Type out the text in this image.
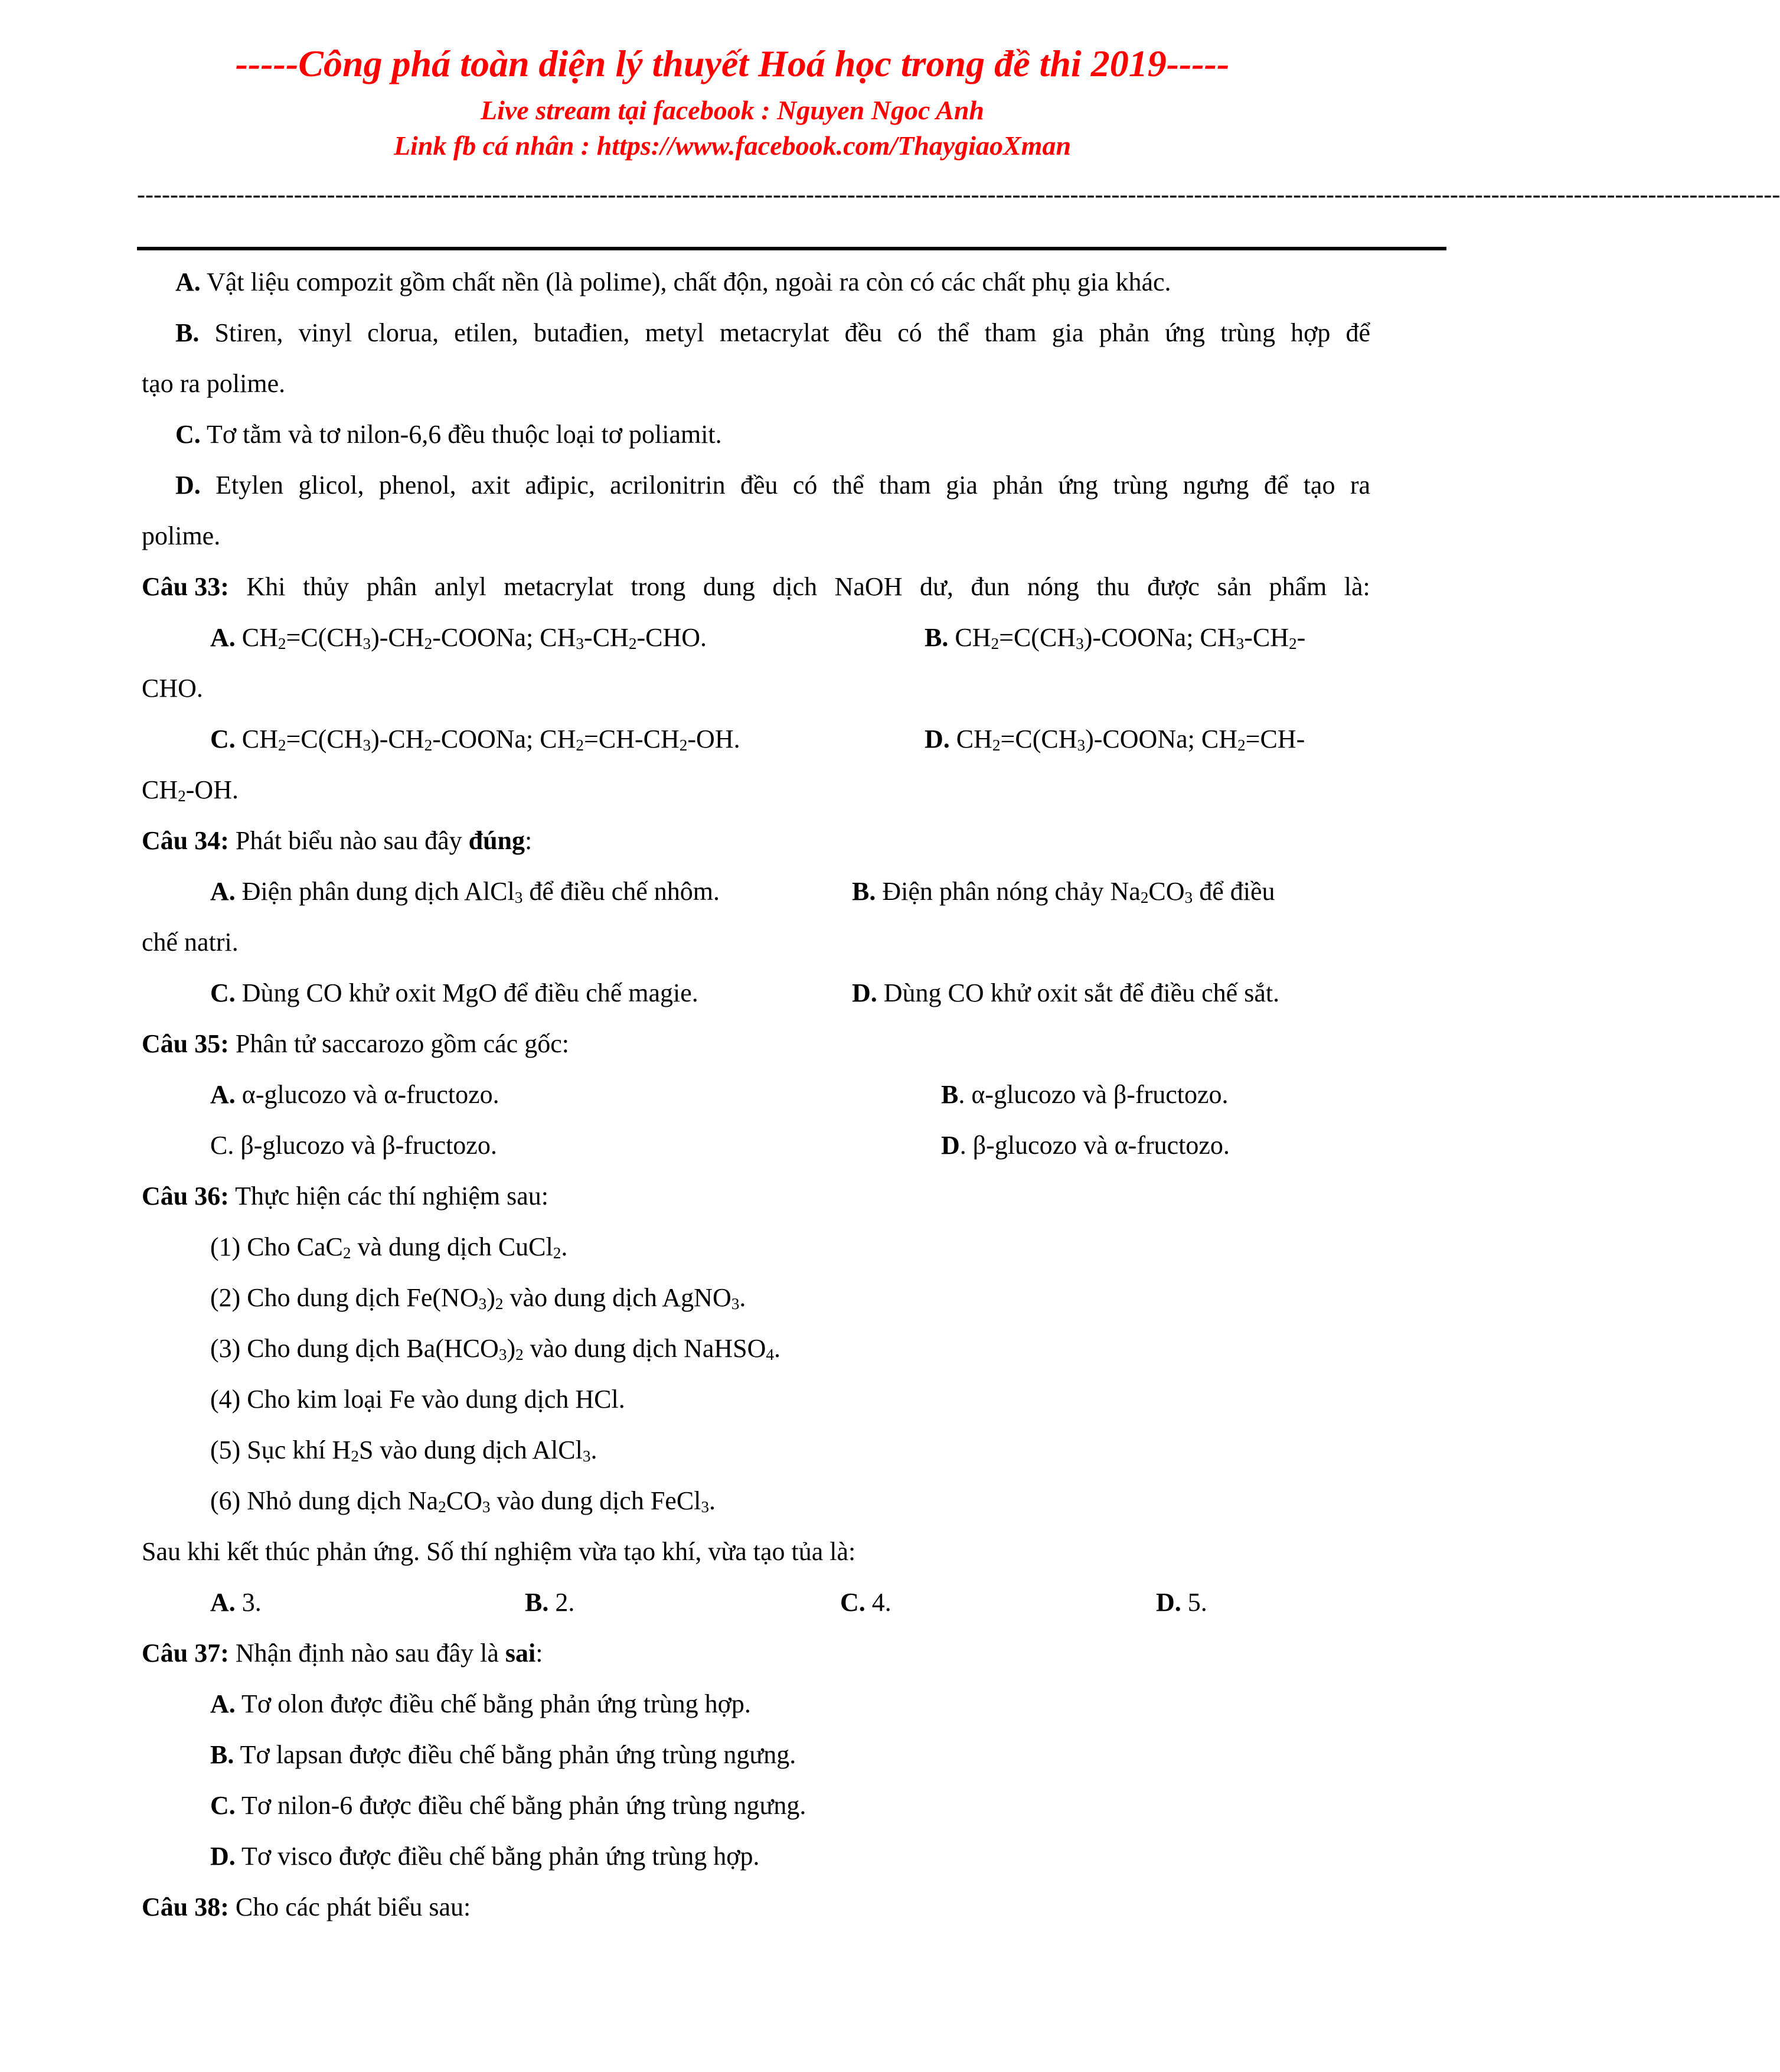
-----Công phá toàn diện lý thuyết Hoá học trong đề thi 2019-----
Live stream tại facebook : Nguyen Ngoc Anh
Link fb cá nhân : https://www.facebook.com/ThaygiaoXman
-------------------------------------------------------------------------------------------------------------------------------------------------------------------------------------------------------
A. Vật liệu compozit gồm chất nền (là polime), chất độn, ngoài ra còn có các chất phụ gia khác.
B. Stiren, vinyl clorua, etilen, butađien, metyl metacrylat đều có thể tham gia phản ứng trùng hợp để
tạo ra polime.
C. Tơ tằm và tơ nilon-6,6 đều thuộc loại tơ poliamit.
D. Etylen glicol, phenol, axit ađipic, acrilonitrin đều có thể tham gia phản ứng trùng ngưng để tạo ra
polime.
Câu 33: Khi thủy phân anlyl metacrylat trong dung dịch NaOH dư, đun nóng thu được sản phẩm là:
A. $CH_2=C(CH_3)-CH_2$-COONa; $CH_3-CH_2$-CHO.	B. $CH_2=C(CH_3)$-COONa; $CH_3-CH_2-$
CHO.
C. $CH_2=C(CH_3)-CH_2$-COONa; $CH_2=CH-CH_2-OH$.	D. $CH_2=C(CH_3)$-COONa; $CH_2=CH-$
$CH_2-OH$.
Câu 34: Phát biểu nào sau đây đúng:
A. Điện phân dung dịch AlCl$_3$ để điều chế nhôm.	B. Điện phân nóng chảy $Na_2CO_3$ để điều
chế natri.
C. Dùng CO khử oxit MgO để điều chế magie.	D. Dùng CO khử oxit sắt để điều chế sắt.
Câu 35: Phân tử saccarozo gồm các gốc:
A. α-glucozo và α-fructozo.	B. α-glucozo và β-fructozo.
C. β-glucozo và β-fructozo.	D. β-glucozo và α-fructozo.
Câu 36: Thực hiện các thí nghiệm sau:
(1) Cho CaC$_2$ và dung dịch CuCl$_2$.
(2) Cho dung dịch $Fe(NO_3)_2$ vào dung dịch AgNO$_3$.
(3) Cho dung dịch $Ba(HCO_3)_2$ vào dung dịch NaHSO$_4$.
(4) Cho kim loại Fe vào dung dịch HCl.
(5) Sục khí $H_2S$ vào dung dịch AlCl$_3$.
(6) Nhỏ dung dịch $Na_2CO_3$ vào dung dịch FeCl$_3$.
Sau khi kết thúc phản ứng. Số thí nghiệm vừa tạo khí, vừa tạo tủa là:
A. 3.	B. 2.	C. 4.	D. 5.
Câu 37: Nhận định nào sau đây là sai:
A. Tơ olon được điều chế bằng phản ứng trùng hợp.
B. Tơ lapsan được điều chế bằng phản ứng trùng ngưng.
C. Tơ nilon-6 được điều chế bằng phản ứng trùng ngưng.
D. Tơ visco được điều chế bằng phản ứng trùng hợp.
Câu 38: Cho các phát biểu sau:
